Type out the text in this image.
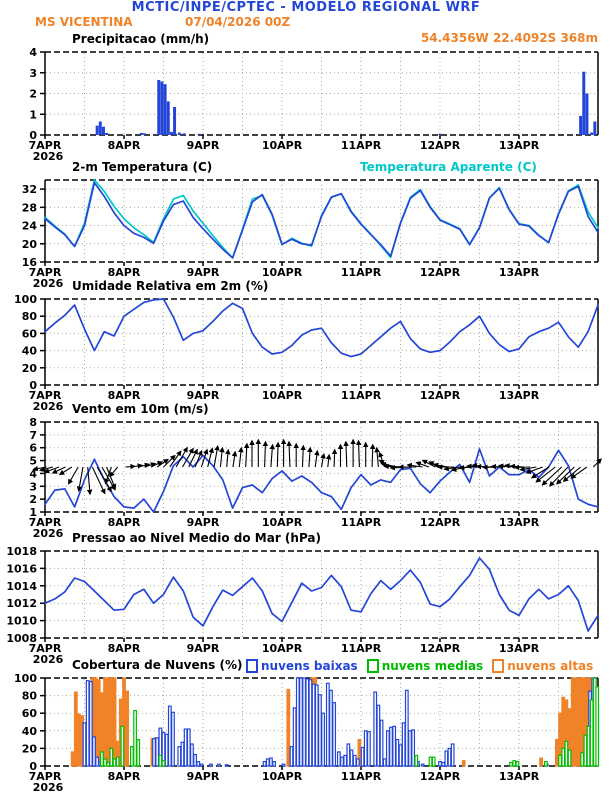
0
1
2
3
4
7APR	8APR	9APR	10APR	11APR	12APR	13APR
2026
16
20
24
28
32
7APR	8APR	9APR	10APR	11APR	12APR	13APR
2026
0
20
40
60
80
100
7APR	8APR	9APR	10APR	11APR	12APR	13APR
2026
1
2
3
4
5
6
7
8
7APR	8APR	9APR	10APR	11APR	12APR	13APR
2026
1008
1010
1012
1014
1016
1018
7APR	8APR	9APR	10APR	11APR	12APR	13APR
2026
0
20
40
60
80
100
7APR	8APR	9APR	10APR	11APR	12APR	13APR
2026
MCTIC/INPE/CPTEC - MODELO REGIONAL WRF
MS VICENTINA	07/04/2026 00Z
54.4356W 22.4092S 368m
Precipitacao (mm/h)
2-m Temperatura (C)	Temperatura Aparente (C)
Umidade Relativa em 2m (%)
Vento em 10m (m/s)
Pressao ao Nivel Medio do Mar (hPa)
Cobertura de Nuvens (%) nuvens baixas nuvens medias nuvens altas
